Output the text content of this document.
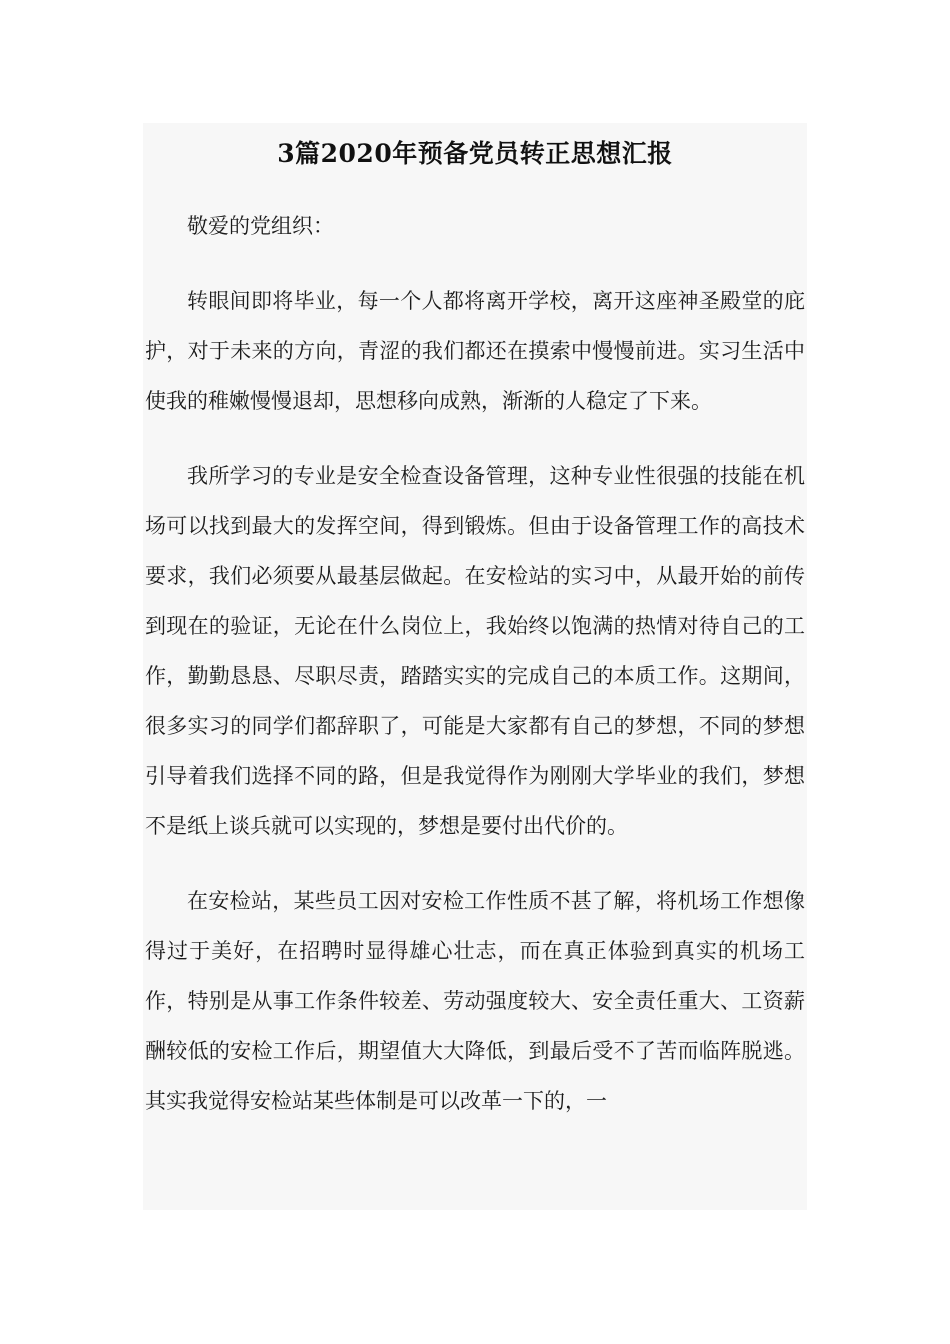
3篇2020年预备党员转正思想汇报

敬爱的党组织：

转眼间即将毕业，每一个人都将离开学校，离开这座神圣殿堂的庇护，对于未来的方向，青涩的我们都还在摸索中慢慢前进。实习生活中使我的稚嫩慢慢退却，思想移向成熟，渐渐的人稳定了下来。

我所学习的专业是安全检查设备管理，这种专业性很强的技能在机场可以找到最大的发挥空间，得到锻炼。但由于设备管理工作的高技术要求，我们必须要从最基层做起。在安检站的实习中，从最开始的前传到现在的验证，无论在什么岗位上，我始终以饱满的热情对待自己的工作，勤勤恳恳、尽职尽责，踏踏实实的完成自己的本质工作。这期间，很多实习的同学们都辞职了，可能是大家都有自己的梦想，不同的梦想引导着我们选择不同的路，但是我觉得作为刚刚大学毕业的我们，梦想不是纸上谈兵就可以实现的，梦想是要付出代价的。

在安检站，某些员工因对安检工作性质不甚了解，将机场工作想像得过于美好，在招聘时显得雄心壮志，而在真正体验到真实的机场工作，特别是从事工作条件较差、劳动强度较大、安全责任重大、工资薪酬较低的安检工作后，期望值大大降低，到最后受不了苦而临阵脱逃。其实我觉得安检站某些体制是可以改革一下的，一
